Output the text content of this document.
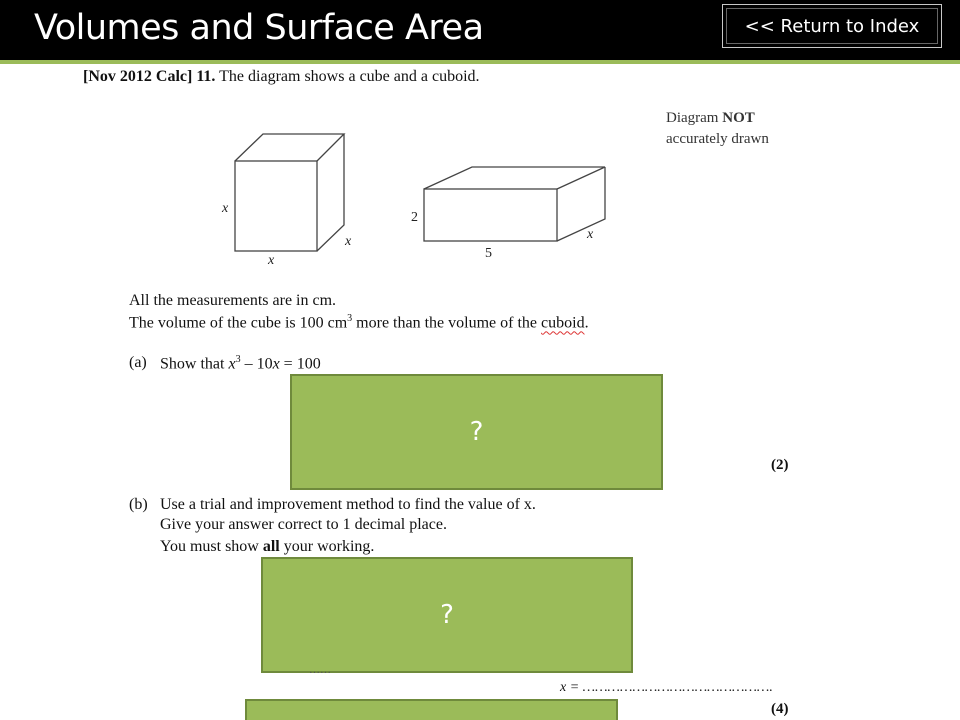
Volumes and Surface Area	<< Return to Index
[Nov 2012 Calc] 11. The diagram shows a cube and a cuboid.
Diagram NOT
accurately drawn
x
x
x
2
x
5
All the measurements are in cm.
The volume of the cube is 100 $cm^3$ more than the volume of the cuboid.
(a) Show that $x^3 - 10x = 100$
?
(2)
(b) Use a trial and improvement method to find the value of x.
Give your answer correct to 1 decimal place.
You must show all your working.
?
……
x = ……………………………………….
(4)
